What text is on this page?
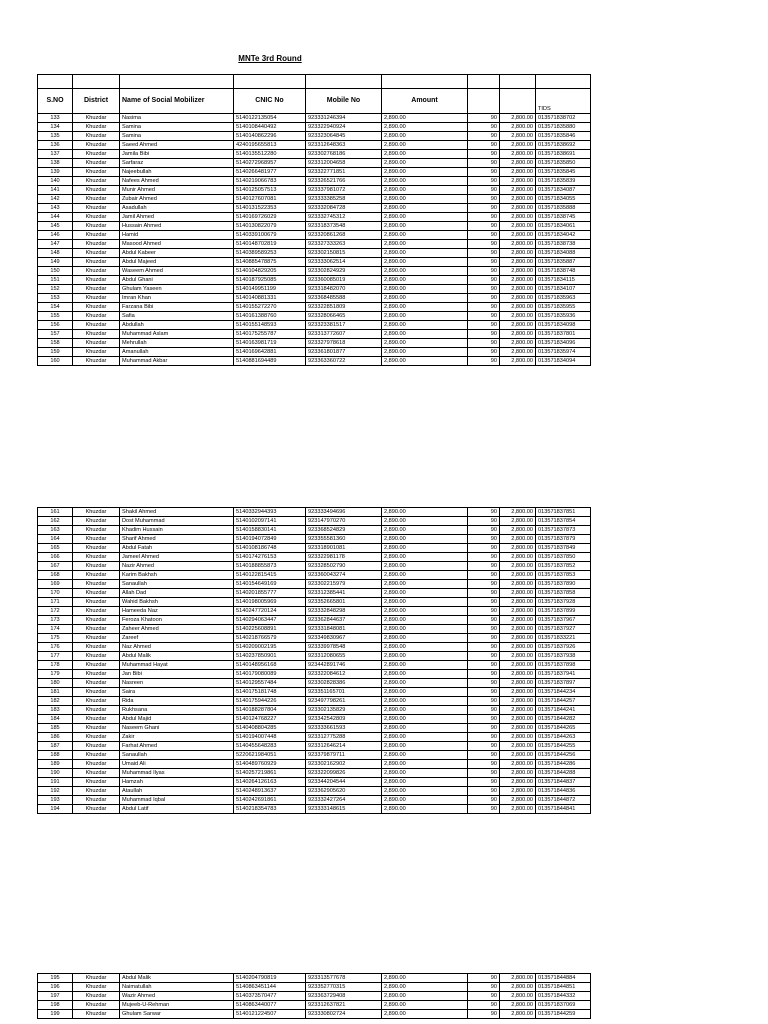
MNTe 3rd Round

S.NO	District	Name of Social Mobilizer	CNIC No	Mobile No	Amount			TIDS
133	Khuzdar	Nasima	5140122135054	923331246394	2,890.00	90	2,800.00	013571838702
134	Khuzdar	Samina	5140108440492	923322940924	2,890.00	90	2,800.00	013571835880
135	Khuzdar	Samina	5140140862296	923323064845	2,890.00	90	2,800.00	013571835846
136	Khuzdar	Saeed Ahmed	4240195655813	923312648363	2,890.00	90	2,800.00	013571838692
137	Khuzdar	Jamila Bibi	5140135512280	923302768186	2,890.00	90	2,800.00	013571838691
138	Khuzdar	Sarfaraz	5140272968957	923312004658	2,890.00	90	2,800.00	013571835850
139	Khuzdar	Najeebullah	5140266481977	923322771851	2,890.00	90	2,800.00	013571835845
140	Khuzdar	Nafees Ahmed	5140219066783	923326521766	2,890.00	90	2,800.00	013571835839
141	Khuzdar	Munir Ahmed	5140125057513	923337981072	2,890.00	90	2,800.00	013571834087
142	Khuzdar	Zubair Ahmed	5140127607081	923333385258	2,890.00	90	2,800.00	013571834055
143	Khuzdar	Asadullah	5140131522353	923332084728	2,890.00	90	2,800.00	013571835888
144	Khuzdar	Jamil Ahmed	5140169726029	923332745312	2,890.00	90	2,800.00	013571838745
145	Khuzdar	Hussain Ahmed	5140130822079	923318373548	2,890.00	90	2,800.00	013571834061
146	Khuzdar	Hamid	5140339100679	923320861268	2,890.00	90	2,800.00	013571834042
147	Khuzdar	Masood Ahmed	5140148702819	923327333263	2,890.00	90	2,800.00	013571838738
148	Khuzdar	Abdul Kabeer	5140389589253	923302150815	2,890.00	90	2,800.00	013571834088
149	Khuzdar	Abdul Majeed	5140885478875	923333062514	2,890.00	90	2,800.00	013571835887
150	Khuzdar	Waseem Ahmed	5140104829205	923302824929	2,890.00	90	2,800.00	013571838748
151	Khuzdar	Abdul Ghani	5140187925085	923360085019	2,890.00	90	2,800.00	013571834115
152	Khuzdar	Ghulam Yaseen	5140149951199	923318482070	2,890.00	90	2,800.00	013571834107
153	Khuzdar	Imran Khan	5140140881331	923368485588	2,890.00	90	2,800.00	013571835963
154	Khuzdar	Farzana Bibi	5140155272270	923322851809	2,890.00	90	2,800.00	013571835955
155	Khuzdar	Safia	5140161388760	923328066465	2,890.00	90	2,800.00	013571835936
156	Khuzdar	Abdullah	5140155148593	923323381517	2,890.00	90	2,800.00	013571834098
157	Khuzdar	Muhammad Aslam	5140175255787	923313772607	2,890.00	90	2,800.00	013571837801
158	Khuzdar	Mehrullah	5140163981719	923327978618	2,890.00	90	2,800.00	013571834096
159	Khuzdar	Amanullah	5140169642881	923361801877	2,890.00	90	2,800.00	013571835974
160	Khuzdar	Muhammad Akbar	5140881694489	923363360722	2,890.00	90	2,800.00	013571834094
161	Khuzdar	Shakil Ahmed	5140332944393	923333494696	2,890.00	90	2,800.00	013571837851
162	Khuzdar	Dost Muhammad	5140102097141	923147970270	2,890.00	90	2,800.00	013571837854
163	Khuzdar	Khadim Hussain	5140158830141	923368524829	2,890.00	90	2,800.00	013571837873
164	Khuzdar	Sharif Ahmed	5140194072849	923355581360	2,890.00	90	2,800.00	013571837879
165	Khuzdar	Abdul Fatah	5140108186748	923318901081	2,890.00	90	2,800.00	013571837849
166	Khuzdar	Jameel Ahmed	5140174276153	923322981178	2,890.00	90	2,800.00	013571837850
167	Khuzdar	Nazir Ahmed	5140188855873	923328502790	2,890.00	90	2,800.00	013571837852
168	Khuzdar	Karim Bakhsh	5140122815415	923360043274	2,890.00	90	2,800.00	013571837853
169	Khuzdar	Sanaullah	5140154649169	923302215979	2,890.00	90	2,800.00	013571837890
170	Khuzdar	Allah Dad	5140201855777	923312385441	2,890.00	90	2,800.00	013571837858
171	Khuzdar	Wahid Bakhsh	5140198005969	923352665801	2,890.00	90	2,800.00	013571837928
172	Khuzdar	Hameeda Naz	5140247720124	923332848298	2,890.00	90	2,800.00	013571837899
173	Khuzdar	Feroza Khatoon	5140294063447	923362844637	2,890.00	90	2,800.00	013571837967
174	Khuzdar	Zaheer Ahmed	5140225608891	923331848081	2,890.00	90	2,800.00	013571837927
175	Khuzdar	Zareef	5140218766579	923349830967	2,890.00	90	2,800.00	013571833221
176	Khuzdar	Naz Ahmed	5140209002195	923339978548	2,890.00	90	2,800.00	013571837926
177	Khuzdar	Abdul Malik	5140237850901	923312080655	2,890.00	90	2,800.00	013571837938
178	Khuzdar	Muhammad Hayat	5140148956168	923442891746	2,890.00	90	2,800.00	013571837898
179	Khuzdar	Jan Bibi	5140179080089	923322084612	2,890.00	90	2,800.00	013571837941
180	Khuzdar	Nasreen	5140129557484	923302828386	2,890.00	90	2,800.00	013571837897
181	Khuzdar	Saira	5140175181748	923351165701	2,890.00	90	2,800.00	013571844234
182	Khuzdar	Rida	5140175944226	923497798261	2,890.00	90	2,800.00	013571844257
183	Khuzdar	Rukhsana	5140188287804	923302135829	2,890.00	90	2,800.00	013571844241
184	Khuzdar	Abdul Majid	5140124768227	923342542809	2,890.00	90	2,800.00	013571844282
185	Khuzdar	Naseem Ghani	5140408804285	923333661593	2,890.00	90	2,800.00	013571844265
186	Khuzdar	Zakir	5140194007448	923312775288	2,890.00	90	2,800.00	013571844263
187	Khuzdar	Farhat Ahmed	5140455648283	923312646214	2,890.00	90	2,800.00	013571844255
188	Khuzdar	Sanaullah	5220621984051	923379879711	2,890.00	90	2,800.00	013571844256
189	Khuzdar	Umaid Ali	5140489760929	923302162902	2,890.00	90	2,800.00	013571844286
190	Khuzdar	Muhammad Ilyas	5140257219861	923322099826	2,890.00	90	2,800.00	013571844288
191	Khuzdar	Hamzah	5140264126163	923344204544	2,890.00	90	2,800.00	013571844837
192	Khuzdar	Ataullah	5140248913637	923362905620	2,890.00	90	2,800.00	013571844836
193	Khuzdar	Muhammad Iqbal	5140242691861	923332427264	2,890.00	90	2,800.00	013571844872
194	Khuzdar	Abdul Latif	5140218354783	923333148615	2,890.00	90	2,800.00	013571844841
195	Khuzdar	Abdul Malik	5140204790819	923313577678	2,890.00	90	2,800.00	013571844884
196	Khuzdar	Naimatullah	5140863451144	923352770315	2,890.00	90	2,800.00	013571844851
197	Khuzdar	Wazir Ahmed	5140373570477	923363729408	2,890.00	90	2,800.00	013571844332
198	Khuzdar	Mujeeb-U-Rehman	5140863440077	923312637821	2,890.00	90	2,800.00	013571837069
199	Khuzdar	Ghulam Sarwar	5140121224507	923330802724	2,890.00	90	2,800.00	013571844259
